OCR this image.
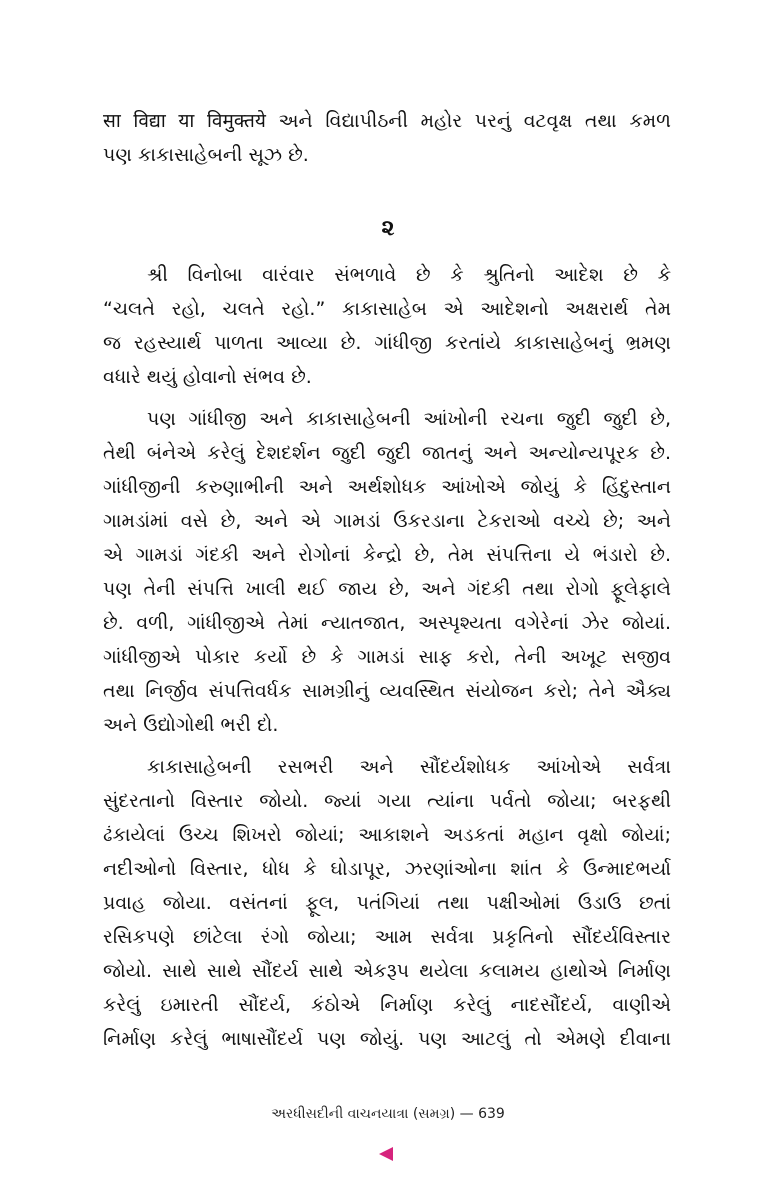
सा विद्या या विमुक्तये અને વિદ્યાપીઠની મહોર પરનું વટવૃક્ષ તથા કમળ
પણ કાકાસાહેબની સૂઝ છે.
૨
શ્રી વિનોબા વારંવાર સંભળાવે છે કે શ્રુતિનો આદેશ છે કે
“ચલતે રહો, ચલતે રહો.” કાકાસાહેબ એ આદેશનો અક્ષરાર્થ તેમ
જ રહસ્યાર્થ પાળતા આવ્યા છે. ગાંધીજી કરતાંયે કાકાસાહેબનું ભ્રમણ
વધારે થયું હોવાનો સંભવ છે.
પણ ગાંધીજી અને કાકાસાહેબની આંખોની રચના જુદી જુદી છે,
તેથી બંનેએ કરેલું દેશદર્શન જુદી જુદી જાતનું અને અન્યોન્યપૂરક છે.
ગાંધીજીની કરુણાભીની અને અર્થશોધક આંખોએ જોયું કે હિંદુસ્તાન
ગામડાંમાં વસે છે, અને એ ગામડાં ઉકરડાના ટેકરાઓ વચ્ચે છે; અને
એ ગામડાં ગંદકી અને રોગોનાં કેન્દ્રો છે, તેમ સંપત્તિના યે ભંડારો છે.
પણ તેની સંપત્તિ ખાલી થઈ જાય છે, અને ગંદકી તથા રોગો ફૂલેફાલે
છે. વળી, ગાંધીજીએ તેમાં ન્યાતજાત, અસ્પૃશ્યતા વગેરેનાં ઝેર જોયાં.
ગાંધીજીએ પોકાર કર્યો છે કે ગામડાં સાફ કરો, તેની અખૂટ સજીવ
તથા નિર્જીવ સંપત્તિવર્ધક સામગ્રીનું વ્યવસ્થિત સંયોજન કરો; તેને ઐક્ય
અને ઉદ્યોગોથી ભરી દો.
કાકાસાહેબની રસભરી અને સૌંદર્યશોધક આંખોએ સર્વત્રા
સુંદરતાનો વિસ્તાર જોયો. જ્યાં ગયા ત્યાંના પર્વતો જોયા; બરફથી
ઢંકાયેલાં ઉચ્ચ શિખરો જોયાં; આકાશને અડકતાં મહાન વૃક્ષો જોયાં;
નદીઓનો વિસ્તાર, ધોધ કે ઘોડાપૂર, ઝરણાંઓના શાંત કે ઉન્માદભર્યા
પ્રવાહ જોયા. વસંતનાં ફૂલ, પતંગિયાં તથા પક્ષીઓમાં ઉડાઉ છતાં
રસિકપણે છાંટેલા રંગો જોયા; આમ સર્વત્રા પ્રકૃતિનો સૌંદર્યવિસ્તાર
જોયો. સાથે સાથે સૌંદર્ય સાથે એકરૂપ થયેલા કલામય હાથોએ નિર્માણ
કરેલું ઇમારતી સૌંદર્ય, કંઠોએ નિર્માણ કરેલું નાદસૌંદર્ય, વાણીએ
નિર્માણ કરેલું ભાષાસૌંદર્ય પણ જોયું. પણ આટલું તો એમણે દીવાના
અરધીસદીની વાચનયાત્રા (સમગ્ર) — 639
